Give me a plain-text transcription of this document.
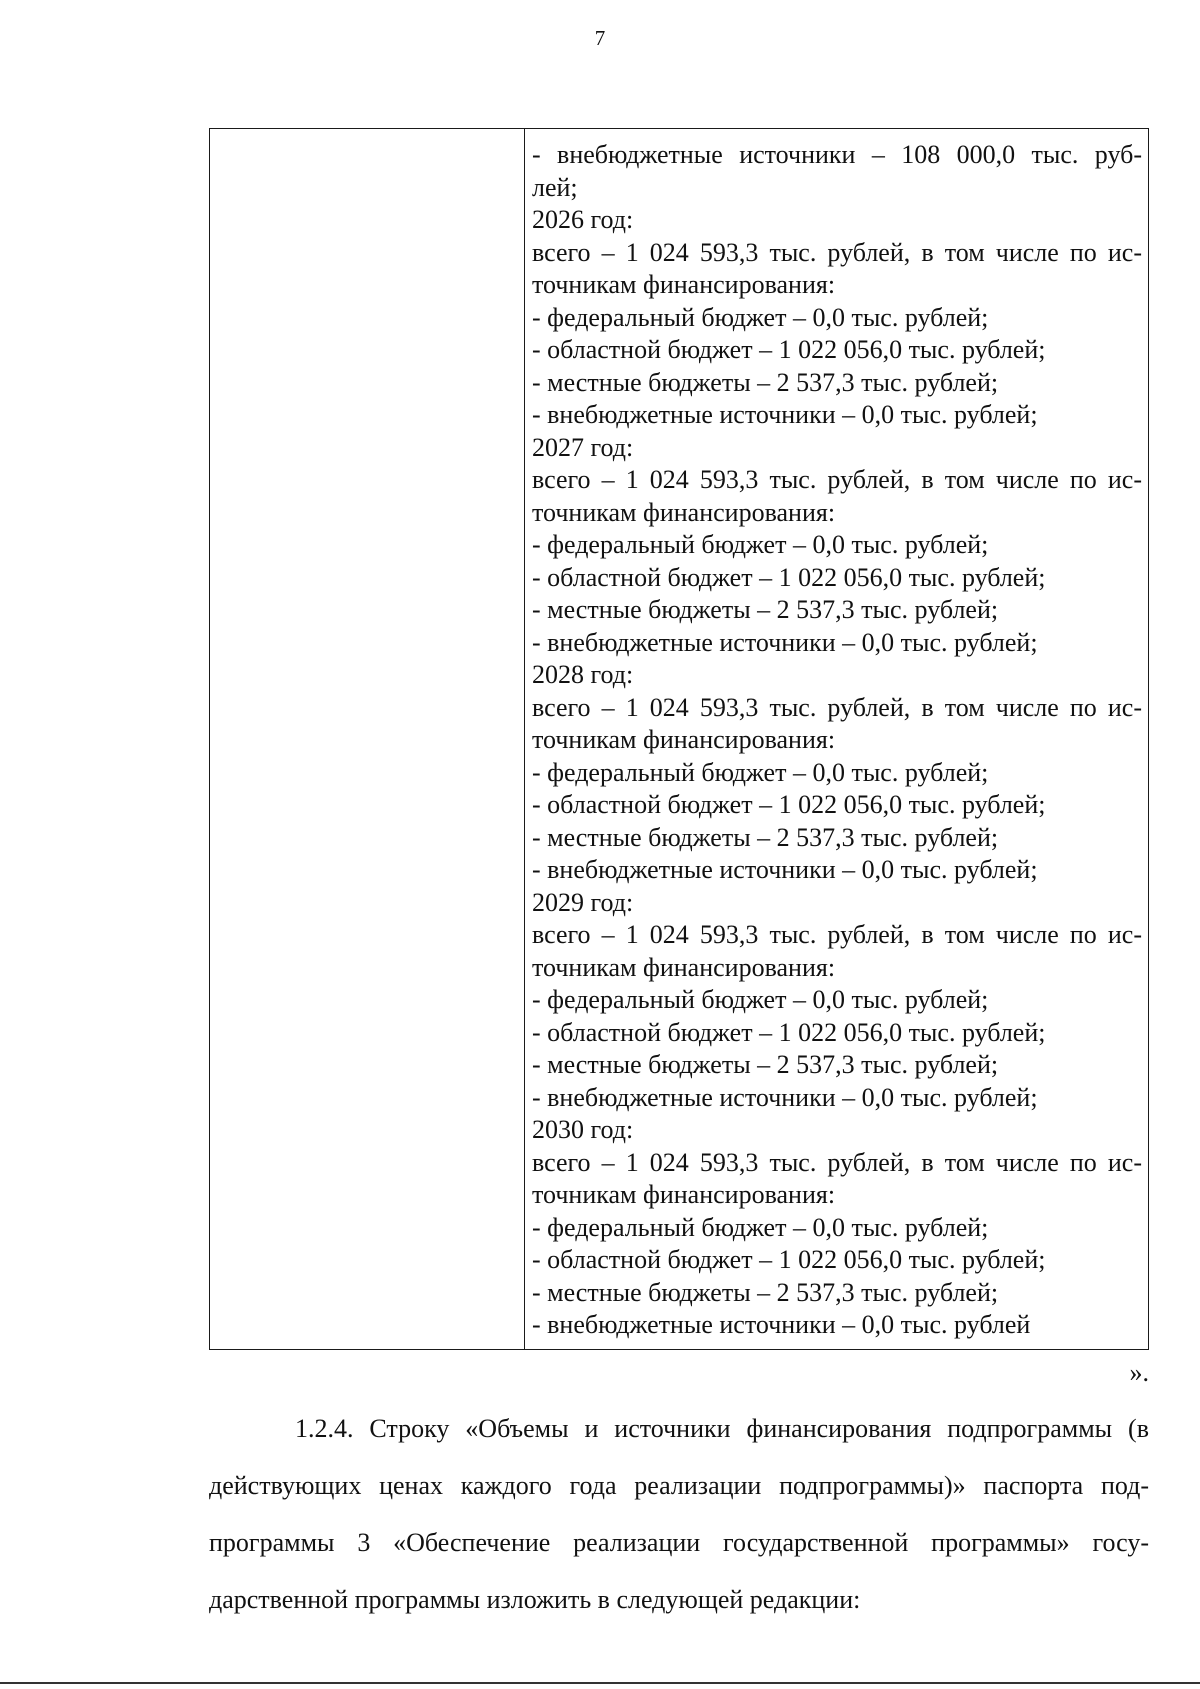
7
- внебюджетные источники – 108 000,0 тыс. руб-
лей;
2026 год:
всего – 1 024 593,3 тыс. рублей, в том числе по ис-
точникам финансирования:
- федеральный бюджет – 0,0 тыс. рублей;
- областной бюджет – 1 022 056,0 тыс. рублей;
- местные бюджеты – 2 537,3 тыс. рублей;
- внебюджетные источники – 0,0 тыс. рублей;
2027 год:
всего – 1 024 593,3 тыс. рублей, в том числе по ис-
точникам финансирования:
- федеральный бюджет – 0,0 тыс. рублей;
- областной бюджет – 1 022 056,0 тыс. рублей;
- местные бюджеты – 2 537,3 тыс. рублей;
- внебюджетные источники – 0,0 тыс. рублей;
2028 год:
всего – 1 024 593,3 тыс. рублей, в том числе по ис-
точникам финансирования:
- федеральный бюджет – 0,0 тыс. рублей;
- областной бюджет – 1 022 056,0 тыс. рублей;
- местные бюджеты – 2 537,3 тыс. рублей;
- внебюджетные источники – 0,0 тыс. рублей;
2029 год:
всего – 1 024 593,3 тыс. рублей, в том числе по ис-
точникам финансирования:
- федеральный бюджет – 0,0 тыс. рублей;
- областной бюджет – 1 022 056,0 тыс. рублей;
- местные бюджеты – 2 537,3 тыс. рублей;
- внебюджетные источники – 0,0 тыс. рублей;
2030 год:
всего – 1 024 593,3 тыс. рублей, в том числе по ис-
точникам финансирования:
- федеральный бюджет – 0,0 тыс. рублей;
- областной бюджет – 1 022 056,0 тыс. рублей;
- местные бюджеты – 2 537,3 тыс. рублей;
- внебюджетные источники – 0,0 тыс. рублей
».
1.2.4. Строку «Объемы и источники финансирования подпрограммы (в
действующих ценах каждого года реализации подпрограммы)» паспорта под-
программы 3 «Обеспечение реализации государственной программы» госу-
дарственной программы изложить в следующей редакции:
